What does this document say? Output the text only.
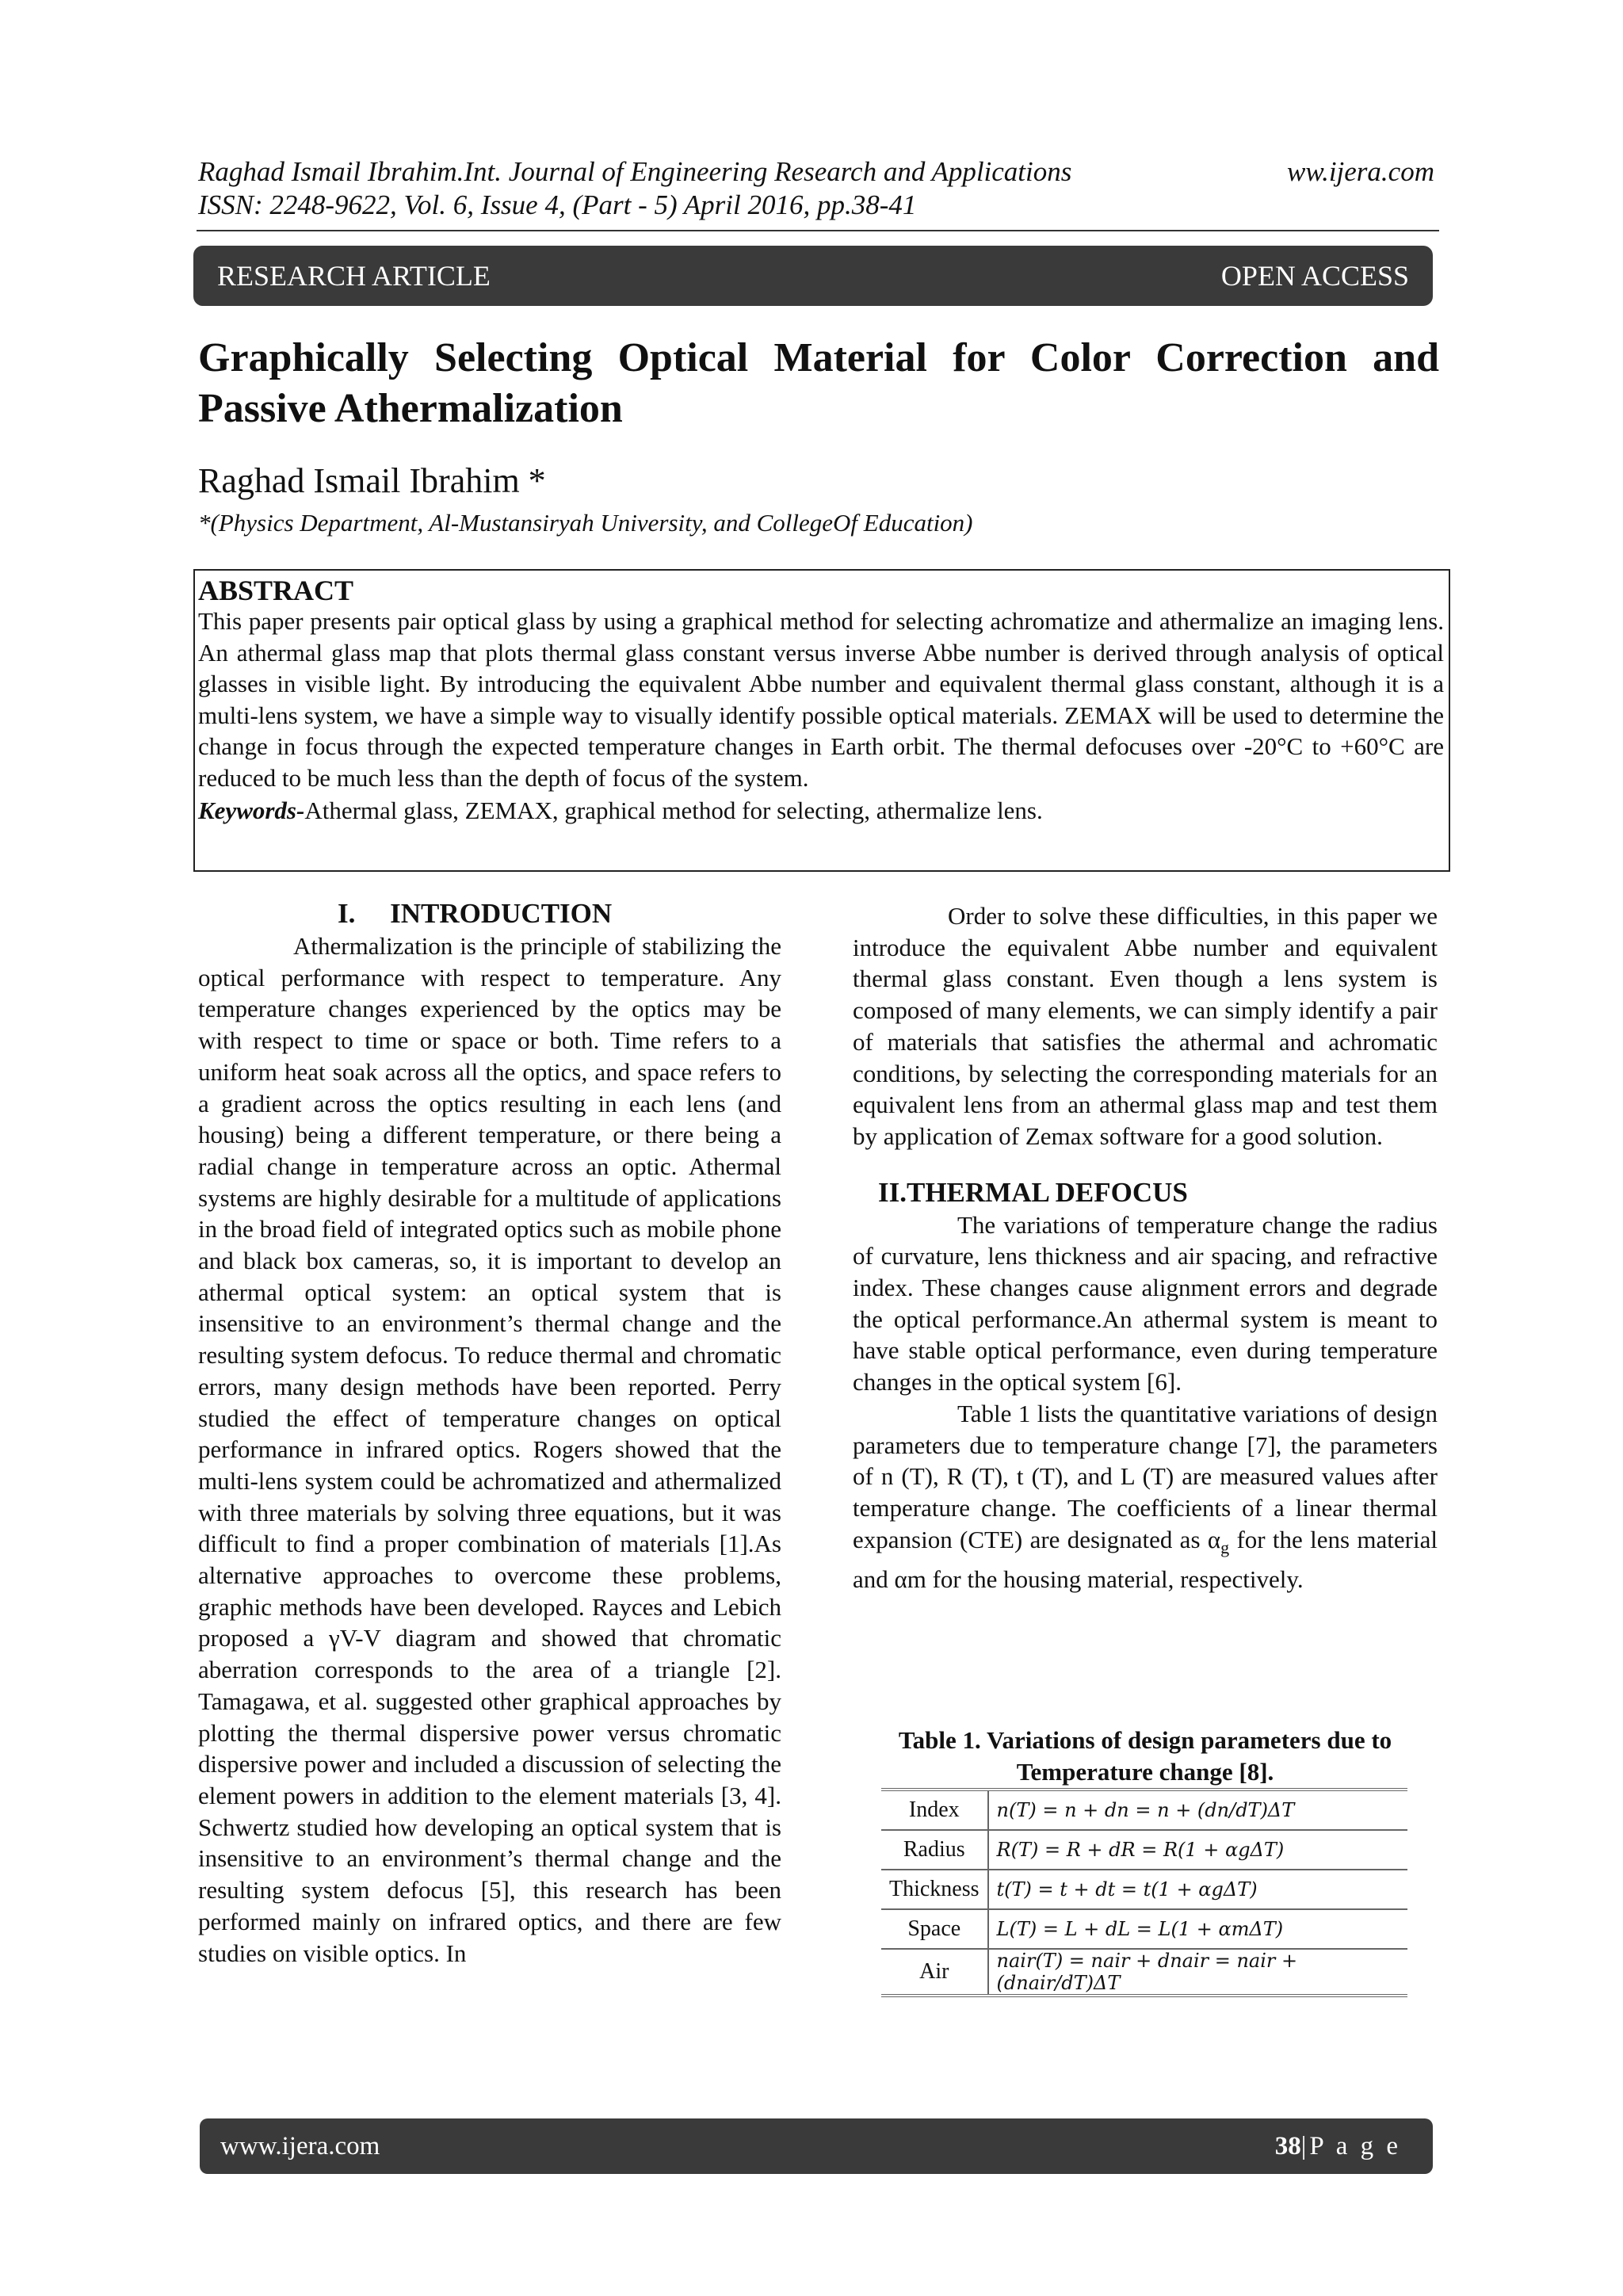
Raghad Ismail Ibrahim.Int. Journal of Engineering Research and Applications	ww.ijera.com
ISSN: 2248-9622, Vol. 6, Issue 4, (Part - 5) April 2016, pp.38-41
RESEARCH ARTICLE	OPEN ACCESS
Graphically Selecting Optical Material for Color Correction and Passive Athermalization
Raghad Ismail Ibrahim *
*(Physics Department, Al-Mustansiryah University, and CollegeOf Education)
ABSTRACT

This paper presents pair optical glass by using a graphical method for selecting achromatize and athermalize an imaging lens. An athermal glass map that plots thermal glass constant versus inverse Abbe number is derived through analysis of optical glasses in visible light. By introducing the equivalent Abbe number and equivalent thermal glass constant, although it is a multi-lens system, we have a simple way to visually identify possible optical materials. ZEMAX will be used to determine the change in focus through the expected temperature changes in Earth orbit. The thermal defocuses over -20°C to +60°C are reduced to be much less than the depth of focus of the system.

Keywords-Athermal glass, ZEMAX, graphical method for selecting, athermalize lens.

I.     INTRODUCTION

Athermalization is the principle of stabilizing the optical performance with respect to temperature. Any temperature changes experienced by the optics may be with respect to time or space or both. Time refers to a uniform heat soak across all the optics, and space refers to a gradient across the optics resulting in each lens (and housing) being a different temperature, or there being a radial change in temperature across an optic. Athermal systems are highly desirable for a multitude of applications in the broad field of integrated optics such as mobile phone and black box cameras, so, it is important to develop an athermal optical system: an optical system that is insensitive to an environment’s thermal change and the resulting system defocus. To reduce thermal and chromatic errors, many design methods have been reported. Perry studied the effect of temperature changes on optical performance in infrared optics. Rogers showed that the multi-lens system could be achromatized and athermalized with three materials by solving three equations, but it was difficult to find a proper combination of materials [1].As alternative approaches to overcome these problems, graphic methods have been developed. Rayces and Lebich proposed a γV-V diagram and showed that chromatic aberration corresponds to the area of a triangle [2]. Tamagawa, et al. suggested other graphical approaches by plotting the thermal dispersive power versus chromatic dispersive power and included a discussion of selecting the element powers in addition to the element materials [3, 4]. Schwertz studied how developing an optical system that is insensitive to an environment’s thermal change and the resulting system defocus [5], this research has been performed mainly on infrared optics, and there are few studies on visible optics. In

Order to solve these difficulties, in this paper we introduce the equivalent Abbe number and equivalent thermal glass constant. Even though a lens system is composed of many elements, we can simply identify a pair of materials that satisfies the athermal and achromatic conditions, by selecting the corresponding materials for an equivalent lens from an athermal glass map and test them by application of Zemax software for a good solution.

II.THERMAL DEFOCUS

The variations of temperature change the radius of curvature, lens thickness and air spacing, and refractive index. These changes cause alignment errors and degrade the optical performance.An athermal system is meant to have stable optical performance, even during temperature changes in the optical system [6].

Table 1 lists the quantitative variations of design parameters due to temperature change [7], the parameters of n (T), R (T), t (T), and L (T) are measured values after temperature change. The coefficients of a linear thermal expansion (CTE) are designated as $\alpha_g$ for the lens material and αm for the housing material, respectively.

Table 1. Variations of design parameters due to Temperature change [8].
Index	n(T) = n + dn = n + (dn/dT)ΔT
Radius	R(T) = R + dR = R(1 + αgΔT)
Thickness	t(T) = t + dt = t(1 + αgΔT)
Space	L(T) = L + dL = L(1 + αmΔT)
Air	nair(T) = nair + dnair = nair + (dnair/dT)ΔT
www.ijera.com	38|P a g e
